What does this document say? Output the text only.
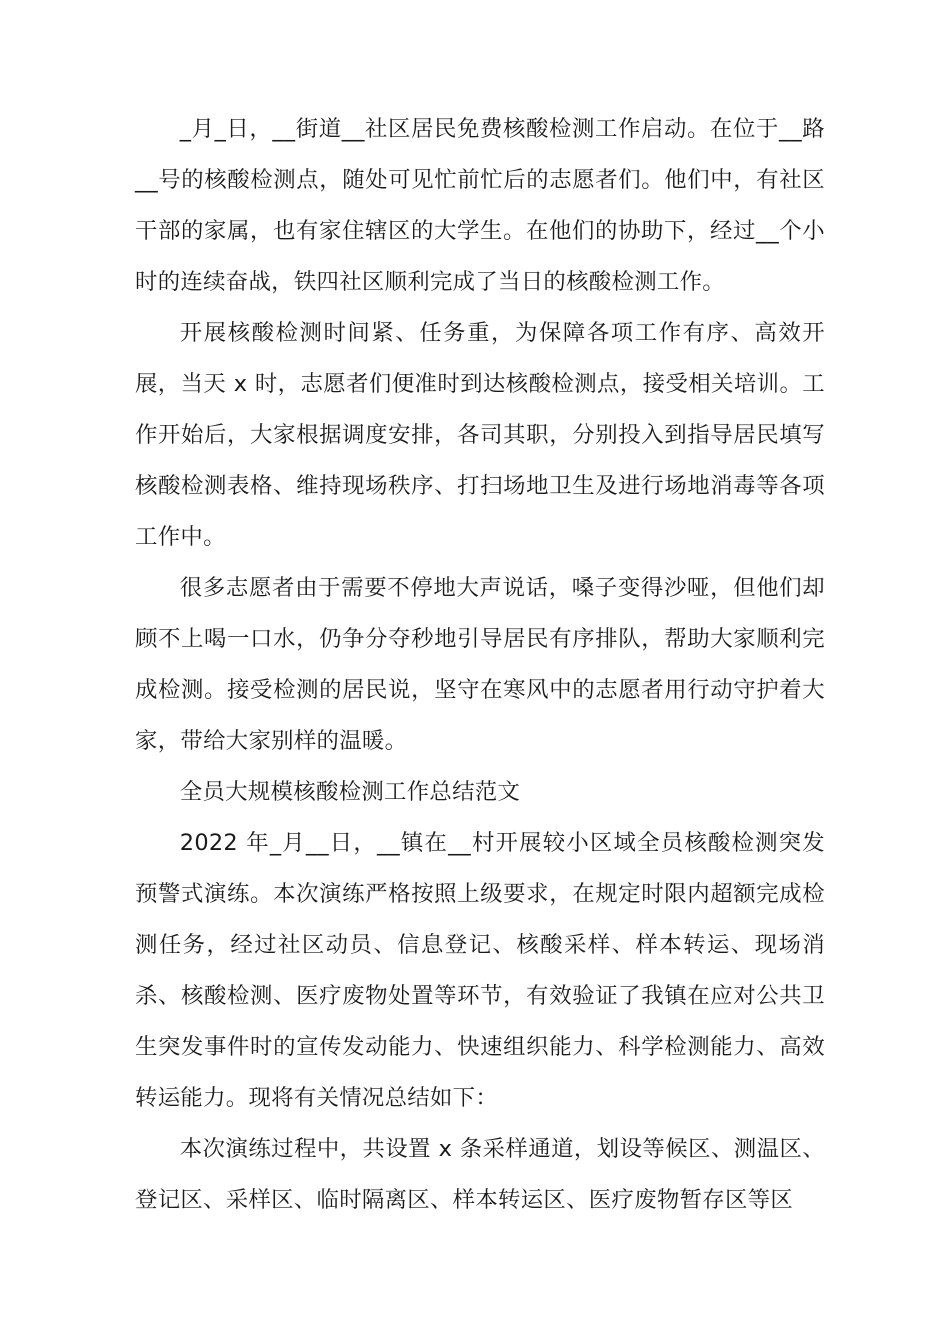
_月_日，__街道__社区居民免费核酸检测工作启动。在位于__路__号的核酸检测点，随处可见忙前忙后的志愿者们。他们中，有社区干部的家属，也有家住辖区的大学生。在他们的协助下，经过__个小时的连续奋战，铁四社区顺利完成了当日的核酸检测工作。

开展核酸检测时间紧、任务重，为保障各项工作有序、高效开展，当天 x 时，志愿者们便准时到达核酸检测点，接受相关培训。工作开始后，大家根据调度安排，各司其职，分别投入到指导居民填写核酸检测表格、维持现场秩序、打扫场地卫生及进行场地消毒等各项工作中。

很多志愿者由于需要不停地大声说话，嗓子变得沙哑，但他们却顾不上喝一口水，仍争分夺秒地引导居民有序排队，帮助大家顺利完成检测。接受检测的居民说，坚守在寒风中的志愿者用行动守护着大家，带给大家别样的温暖。

全员大规模核酸检测工作总结范文

2022 年_月__日，__镇在__村开展较小区域全员核酸检测突发预警式演练。本次演练严格按照上级要求，在规定时限内超额完成检测任务，经过社区动员、信息登记、核酸采样、样本转运、现场消杀、核酸检测、医疗废物处置等环节，有效验证了我镇在应对公共卫生突发事件时的宣传发动能力、快速组织能力、科学检测能力、高效转运能力。现将有关情况总结如下：

本次演练过程中，共设置 x 条采样通道，划设等候区、测温区、登记区、采样区、临时隔离区、样本转运区、医疗废物暂存区等区
